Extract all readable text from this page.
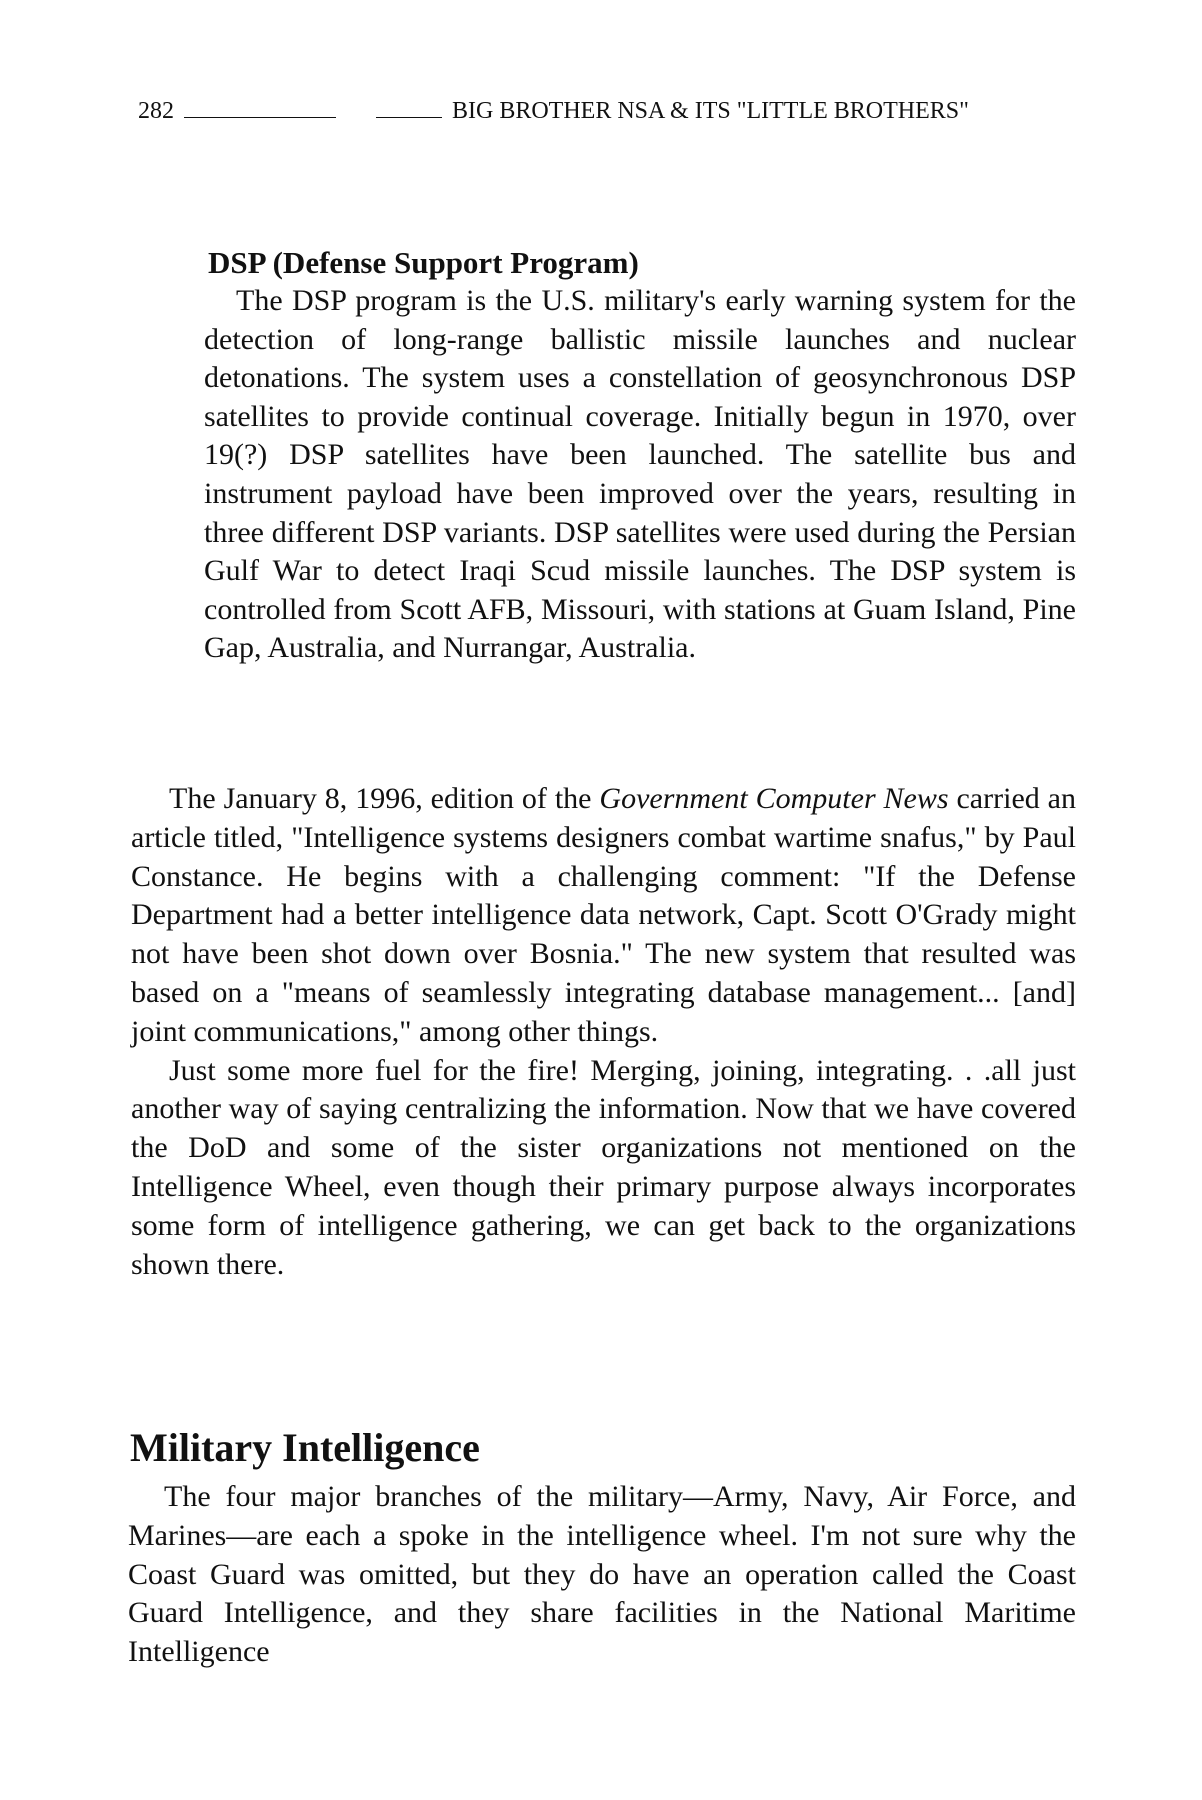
282	BIG BROTHER NSA & ITS "LITTLE BROTHERS"

DSP (Defense Support Program)

The DSP program is the U.S. military's early warning system for the detection of long-range ballistic missile launches and nuclear detonations. The system uses a constellation of geosynchronous DSP satellites to provide continual coverage. Initially begun in 1970, over 19(?) DSP satellites have been launched. The satellite bus and instrument payload have been improved over the years, resulting in three different DSP variants. DSP satellites were used during the Persian Gulf War to detect Iraqi Scud missile launches. The DSP system is controlled from Scott AFB, Missouri, with stations at Guam Island, Pine Gap, Australia, and Nurrangar, Australia.

The January 8, 1996, edition of the Government Computer News carried an article titled, "Intelligence systems designers combat wartime snafus," by Paul Constance. He begins with a challenging comment: "If the Defense Department had a better intelligence data network, Capt. Scott O'Grady might not have been shot down over Bosnia." The new system that resulted was based on a "means of seamlessly integrating database management... [and] joint communications," among other things.

Just some more fuel for the fire! Merging, joining, integrating. . .all just another way of saying centralizing the information. Now that we have covered the DoD and some of the sister organizations not mentioned on the Intelligence Wheel, even though their primary purpose always incorporates some form of intelligence gathering, we can get back to the organizations shown there.

Military Intelligence

The four major branches of the military—Army, Navy, Air Force, and Marines—are each a spoke in the intelligence wheel. I'm not sure why the Coast Guard was omitted, but they do have an operation called the Coast Guard Intelligence, and they share facilities in the National Maritime Intelligence
